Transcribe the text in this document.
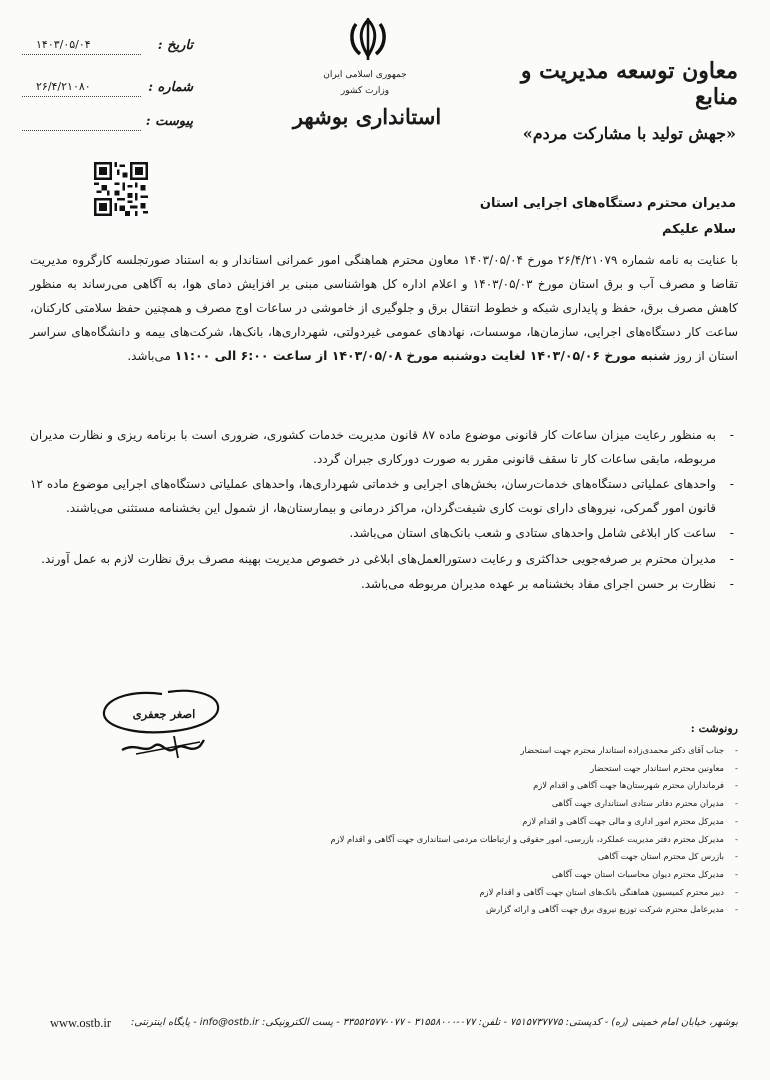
جمهوری اسلامی ایران
وزارت کشور
استانداری بوشهر
معاون توسعه مدیریت و منابع
«جهش تولید با مشارکت مردم»
تاریخ :
۱۴۰۳/۰۵/۰۴
شماره :
۲۶/۴/۲۱۰۸۰
پیوست :
مدیران محترم دستگاه‌های اجرایی استان
سلام علیکم
با عنایت به نامه شماره ۲۶/۴/۲۱۰۷۹ مورخ ۱۴۰۳/۰۵/۰۴ معاون محترم هماهنگی امور عمرانی استاندار و به استناد صورتجلسه کارگروه مدیریت تقاضا و مصرف آب و برق استان مورخ ۱۴۰۳/۰۵/۰۳ و اعلام اداره کل هواشناسی مبنی بر افزایش دمای هوا، به آگاهی می‌رساند به منظور کاهش مصرف برق، حفظ و پایداری شبکه و خطوط انتقال برق و جلوگیری از خاموشی در ساعات اوج مصرف و همچنین حفظ سلامتی کارکنان، ساعت کار دستگاه‌های اجرایی، سازمان‌ها، موسسات، نهادهای عمومی غیردولتی، شهرداری‌ها، بانک‌ها، شرکت‌های بیمه و دانشگاه‌های سراسر استان از روز شنبه مورخ ۱۴۰۳/۰۵/۰۶ لغایت دوشنبه مورخ ۱۴۰۳/۰۵/۰۸ از ساعت ۶:۰۰ الی ۱۱:۰۰ می‌باشد.
- به منظور رعایت میزان ساعات کار قانونی موضوع ماده ۸۷ قانون مدیریت خدمات کشوری، ضروری است با برنامه ریزی و نظارت مدیران مربوطه، مابقی ساعات کار تا سقف قانونی مقرر به صورت دورکاری جبران گردد.
- واحدهای عملیاتی دستگاه‌های خدمات‌رسان، بخش‌های اجرایی و خدماتی شهرداری‌ها، واحدهای عملیاتی دستگاه‌های اجرایی موضوع ماده ۱۲ قانون امور گمرکی، نیروهای دارای نوبت کاری شیفت‌گردان، مراکز درمانی و بیمارستان‌ها، از شمول این بخشنامه مستثنی می‌باشند.
- ساعت کار ابلاغی شامل واحدهای ستادی و شعب بانک‌های استان می‌باشد.
- مدیران محترم بر صرفه‌جویی حداکثری و رعایت دستورالعمل‌های ابلاغی در خصوص مدیریت بهینه مصرف برق نظارت لازم به عمل آورند.
- نظارت بر حسن اجرای مفاد بخشنامه بر عهده مدیران مربوطه می‌باشد.
اصغر جعفری
رونوشت :
- جناب آقای دکتر محمدی‌زاده استاندار محترم جهت استحضار
- معاونین محترم استاندار جهت استحضار
- فرمانداران محترم شهرستان‌ها جهت آگاهی و اقدام لازم
- مدیران محترم دفاتر ستادی استانداری جهت آگاهی
- مدیرکل محترم امور اداری و مالی جهت آگاهی و اقدام لازم
- مدیرکل محترم دفتر مدیریت عملکرد، بازرسی، امور حقوقی و ارتباطات مردمی استانداری جهت آگاهی و اقدام لازم
- بازرس کل محترم استان جهت آگاهی
- مدیرکل محترم دیوان محاسبات استان جهت آگاهی
- دبیر محترم کمیسیون هماهنگی بانک‌های استان جهت آگاهی و اقدام لازم
- مدیرعامل محترم شرکت توزیع نیروی برق جهت آگاهی و ارائه گزارش
www.ostb.ir بوشهر، خیابان امام خمینی (ره) - کدپستی: ۷۵۱۵۷۳۷۷۷۵ - تلفن: ۰۷۷-۳۱۵۵۸۰۰۰ - ۰۷۷-۳۳۵۵۲۵۷۷ - پست الکترونیکی: info@ostb.ir - پایگاه اینترنتی:
